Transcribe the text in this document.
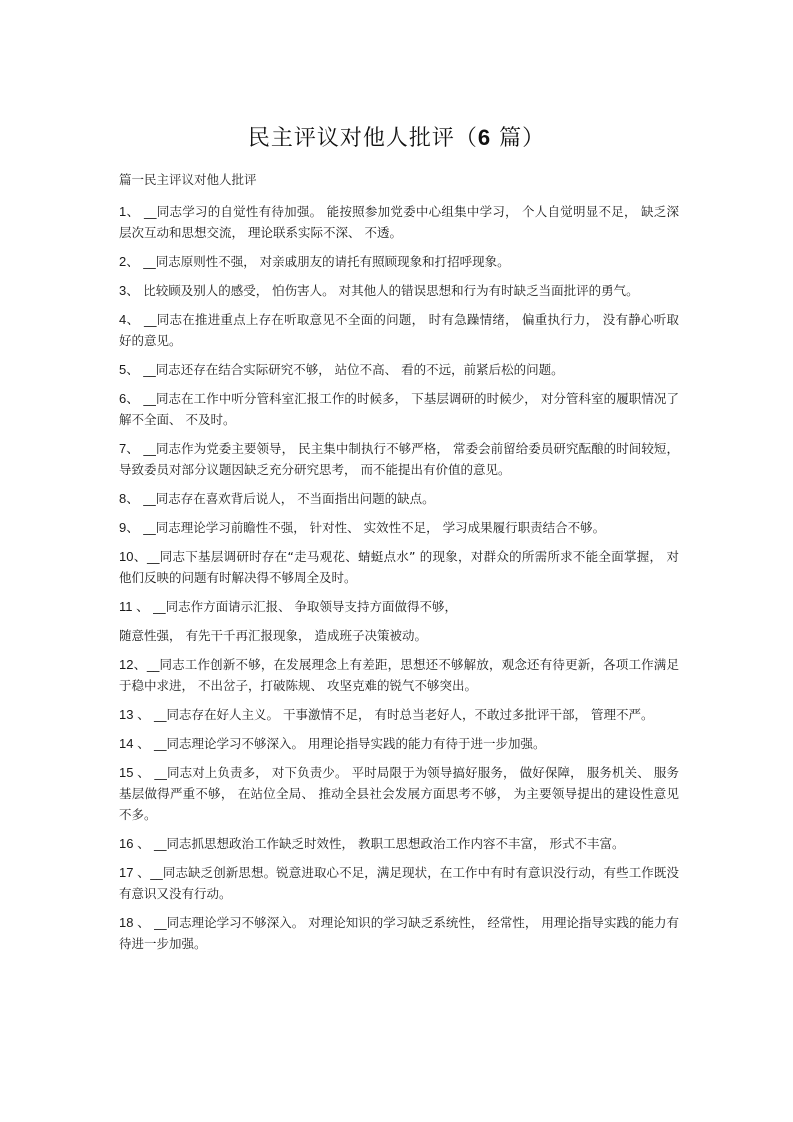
民主评议对他人批评（6 篇）
篇一民主评议对他人批评
1、 __同志学习的自觉性有待加强。 能按照参加党委中心组集中学习， 个人自觉明显不足， 缺乏深层次互动和思想交流， 理论联系实际不深、 不透。
2、 __同志原则性不强， 对亲戚朋友的请托有照顾现象和打招呼现象。
3、 比较顾及别人的感受， 怕伤害人。 对其他人的错误思想和行为有时缺乏当面批评的勇气。
4、 __同志在推进重点上存在听取意见不全面的问题， 时有急躁情绪， 偏重执行力， 没有静心听取好的意见。
5、 __同志还存在结合实际研究不够， 站位不高、 看的不远，前紧后松的问题。
6、 __同志在工作中听分管科室汇报工作的时候多， 下基层调研的时候少， 对分管科室的履职情况了 解不全面、 不及时。
7、 __同志作为党委主要领导， 民主集中制执行不够严格， 常委会前留给委员研究酝酿的时间较短， 导致委员对部分议题因缺乏充分研究思考， 而不能提出有价值的意见。
8、 __同志存在喜欢背后说人， 不当面指出问题的缺点。
9、 __同志理论学习前瞻性不强， 针对性、 实效性不足， 学习成果履行职责结合不够。
10、__同志下基层调研时存在“走马观花、蜻蜓点水” 的现象，对群众的所需所求不能全面掌握， 对他们反映的问题有时解决得不够周全及时。
11 、 __同志作方面请示汇报、 争取领导支持方面做得不够，
随意性强， 有先干千再汇报现象， 造成班子决策被动。
12、__同志工作创新不够，在发展理念上有差距，思想还不够解放，观念还有待更新，各项工作满足于稳中求进， 不出岔子，打破陈规、 攻坚克难的锐气不够突出。
13 、 __同志存在好人主义。 干事激情不足， 有时总当老好人，不敢过多批评干部， 管理不严。
14 、 __同志理论学习不够深入。 用理论指导实践的能力有待于进一步加强。
15 、 __同志对上负责多， 对下负责少。 平时局限于为领导搞好服务， 做好保障， 服务机关、 服务基层做得严重不够， 在站位全局、 推动全县社会发展方面思考不够， 为主要领导提出的建设性意见不多。
16 、 __同志抓思想政治工作缺乏时效性， 教职工思想政治工作内容不丰富， 形式不丰富。
17 、__同志缺乏创新思想。锐意进取心不足，满足现状，在工作中有时有意识没行动，有些工作既没有意识又没有行动。
18 、 __同志理论学习不够深入。 对理论知识的学习缺乏系统性， 经常性， 用理论指导实践的能力有待进一步加强。
